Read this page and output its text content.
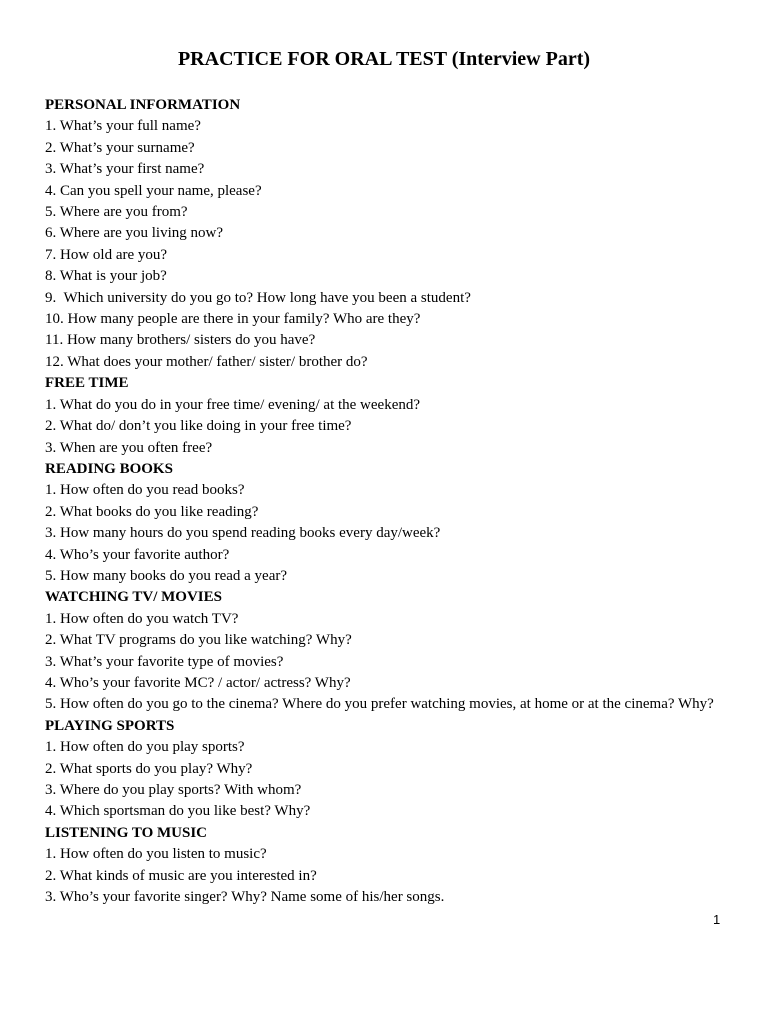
PRACTICE FOR ORAL TEST (Interview Part)
PERSONAL INFORMATION
1. What’s your full name?
2. What’s your surname?
3. What’s your first name?
4. Can you spell your name, please?
5. Where are you from?
6. Where are you living now?
7. How old are you?
8. What is your job?
9.  Which university do you go to? How long have you been a student?
10. How many people are there in your family? Who are they?
11. How many brothers/ sisters do you have?
12. What does your mother/ father/ sister/ brother do?
FREE TIME
1. What do you do in your free time/ evening/ at the weekend?
2. What do/ don’t you like doing in your free time?
3. When are you often free?
READING BOOKS
1. How often do you read books?
2. What books do you like reading?
3. How many hours do you spend reading books every day/week?
4. Who’s your favorite author?
5. How many books do you read a year?
WATCHING TV/ MOVIES
1. How often do you watch TV?
2. What TV programs do you like watching? Why?
3. What’s your favorite type of movies?
4. Who’s your favorite MC? / actor/ actress? Why?
5. How often do you go to the cinema? Where do you prefer watching movies, at home or at the cinema? Why?
PLAYING SPORTS
1. How often do you play sports?
2. What sports do you play? Why?
3. Where do you play sports? With whom?
4. Which sportsman do you like best? Why?
LISTENING TO MUSIC
1. How often do you listen to music?
2. What kinds of music are you interested in?
3. Who’s your favorite singer? Why? Name some of his/her songs.
1
